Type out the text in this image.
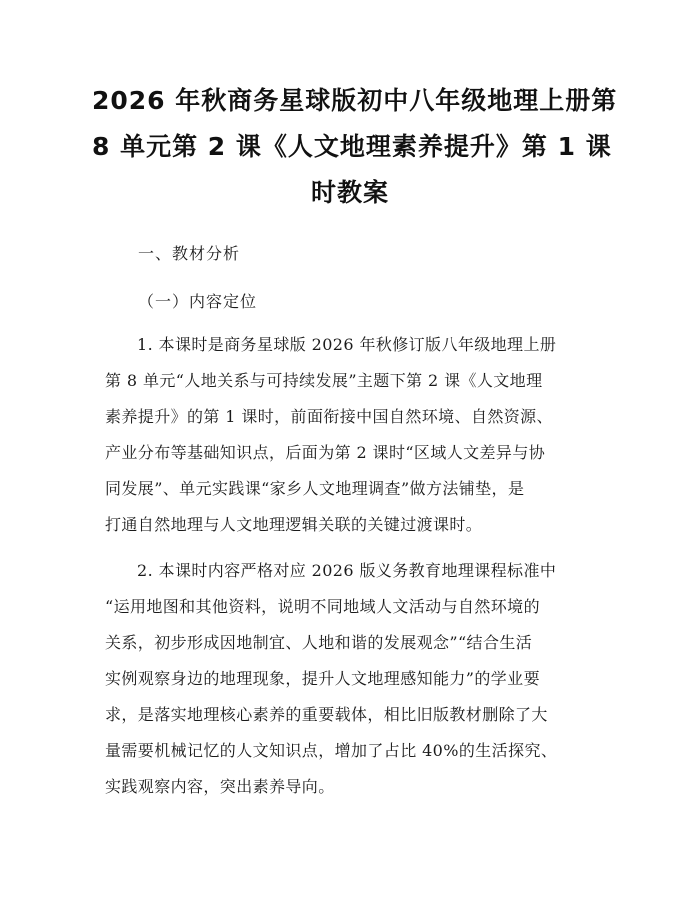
2026 年秋商务星球版初中八年级地理上册第
8 单元第 2 课《人文地理素养提升》第 1 课
时教案
一、教材分析
（一）内容定位
1. 本课时是商务星球版 2026 年秋修订版八年级地理上册
第 8 单元“人地关系与可持续发展”主题下第 2 课《人文地理
素养提升》的第 1 课时，前面衔接中国自然环境、自然资源、
产业分布等基础知识点，后面为第 2 课时“区域人文差异与协
同发展”、单元实践课“家乡人文地理调查”做方法铺垫，是
打通自然地理与人文地理逻辑关联的关键过渡课时。
2. 本课时内容严格对应 2026 版义务教育地理课程标准中
“运用地图和其他资料，说明不同地域人文活动与自然环境的
关系，初步形成因地制宜、人地和谐的发展观念”“结合生活
实例观察身边的地理现象，提升人文地理感知能力”的学业要
求，是落实地理核心素养的重要载体，相比旧版教材删除了大
量需要机械记忆的人文知识点，增加了占比 40%的生活探究、
实践观察内容，突出素养导向。
